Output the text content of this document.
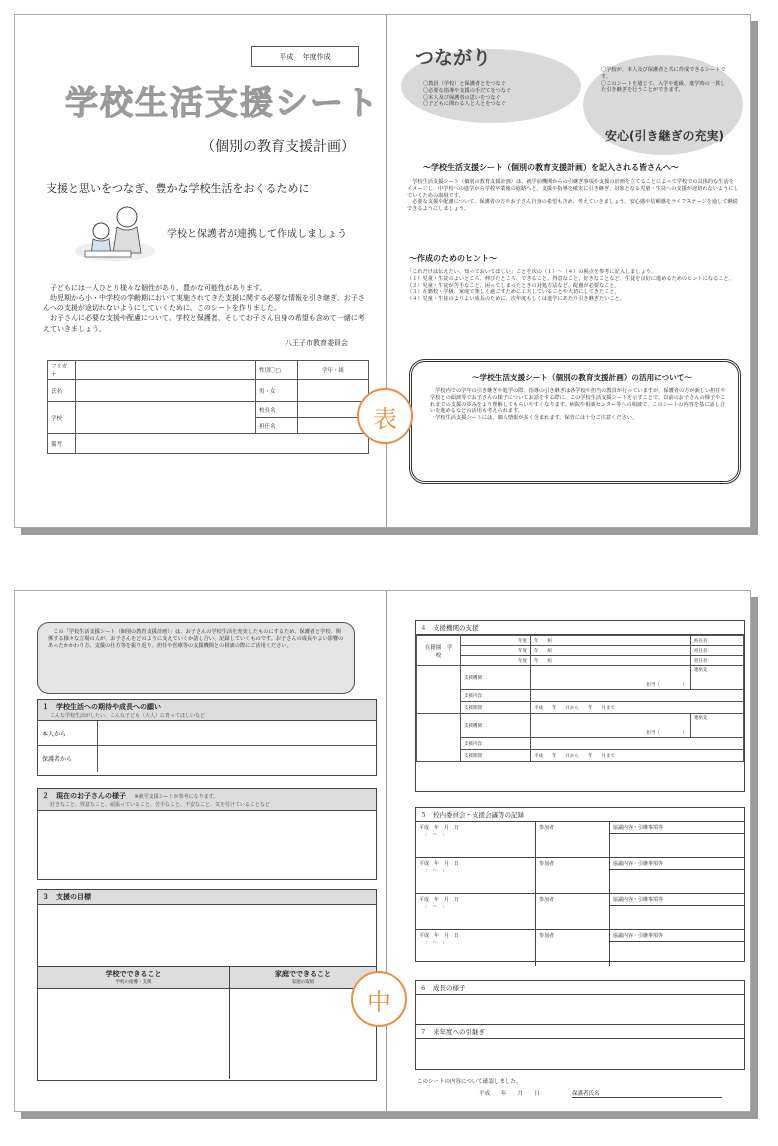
平成　 年度作成
学校生活支援シート
（個別の教育支援計画）
支援と思いをつなぎ、豊かな学校生活をおくるために
学校と保護者が連携して作成しましょう

子どもには一人ひとり様々な個性があり、豊かな可能性があります。

幼児期から小・中学校の学齢期において実施されてきた支援に関する必要な情報を引き継ぎ、お子さんへの支援が途切れないようにしていくために、このシートを作りました。

お子さんに必要な支援や配慮について、学校と保護者、そしてお子さん自身の希望も含めて一緒に考えていきましょう。

八王子市教育委員会
フリガナ		性別〇□	学年・組
氏名		男・女	
学校		校長名	
		担任名	
備考			
つながり
〇教員（学校）と保護者とをつなぐ
〇必要な指導や支援の手だてをつなぐ
〇本人及び保護者の思いをつなぐ
〇子どもに関わる人と人とをつなぐ
〇学校が、本人及び保護者と共に作成できるシートです。
〇このシートを通じて、入学や進級、進学時の一貫した引き継ぎを行うことができます。
安心(引き継ぎの充実)
～学校生活支援シート（個別の教育支援計画）を記入される皆さんへ～

学校生活支援シート（個別の教育支援計画）は、就学前機関からの引継ぎ事項や支援の計画を立てることによって学校での具体的な生活をイメージし、中学校への進学から学校卒業後の進路へと、支援や指導を確実に引き継ぎ、対象となる児童・生徒への支援が途切れないようにしていくための取組です。

必要な支援や配慮について、保護者の方やお子さん自身の希望も含め、考えていきましょう。安心感や信頼感をライフステージを通して継続できるようにしましょう。

～作成のためのヒント～

「これだけは伝えたい、知っておいてほしい」ことを次の（１）～（４）の視点を参考に記入しましょう。

（１）児童・生徒のよいところ、伸びたところ、できること、得意なこと、好きなことなど、生徒を良好に進めるためのヒントになること。

（２）児童・生徒が苦手なこと、困ってしまったときの対処方法など、配慮が必要なこと。

（３）在籍校・学級、家庭で楽しく過ごすために工夫していることや大切にしてきたこと。

（４）児童・生徒のよりよい成長のために、次年度もしくは進学にあたり引き継ぎたいこと。

～学校生活支援シート（個別の教育支援計画）の活用について～

学校内での学年の引き継ぎや進学の際、指導の引き継ぎは各学校や担当の教員が行っていますが、保護者の方が新しい担任や学校との面談等でお子さんの様子についてお話をする際に、この学校生活支援シートを示すことで、以前のお子さんの様子やこれまでの支援の歩みをより理解してもらいやすくなります。病院や相談センター等への相談で、このシートの内容を基に話し合いを進めるなどの活用も考えられます。

学校生活支援シートには、個人情報が多く含まれます。保管には十分ご注意ください。

表
この「学校生活支援シート（個別の教育支援計画）」は、お子さんの学校生活を充実したものにするため、保護者と学校、関係する様々な立場の人が、お子さんをどのように支えていくか話し合い、記録していくものです。お子さんの成長やよい影響のあったかかわり方、支援の仕方等を振り返り、担任や医療等の支援機関との相談の際にご活用ください。
１　学校生活への期待や成長への願い
こんな学校生活がしたい、こんな子ども（大人）に育ってほしいなど
本人から
保護者から
２　現在のお子さんの様子 ※就学支援シートが参考になります。
好きなこと、得意なこと、頑張っていること、苦手なこと、不安なこと、気を付けていることなど
３　支援の目標
学校でできること
学校の指導・支援
家庭でできること
家庭の取組
４　支援機関の支援
在籍園　学　校	年度	年　　組	校長名：
	年度	年　　組	担任名：
	年度	年　　組	担任名：
	支援機関：	担当（　　　　　）	連絡先
	支援内容：		
	支援期間：	平成　　年　　月から　　年　　月まで	
	支援機関：	担当（　　　　　）	連絡先
	支援内容：		
	支援期間：	平成　　年　　月から　　年　　月まで	
５　校内委員会・支援会議等の記録
平成　年　月　日
：　～　：
参加者	協議内容・引継事項等
平成　年　月　日
：　～　：
参加者	協議内容・引継事項等
平成　年　月　日
：　～　：
参加者	協議内容・引継事項等
平成　年　月　日
：　～　：
参加者	協議内容・引継事項等
６　成長の様子
７　来年度への引継ぎ
このシートの内容について確認しました。
平成　　年　　月　　日	保護者氏名
中
